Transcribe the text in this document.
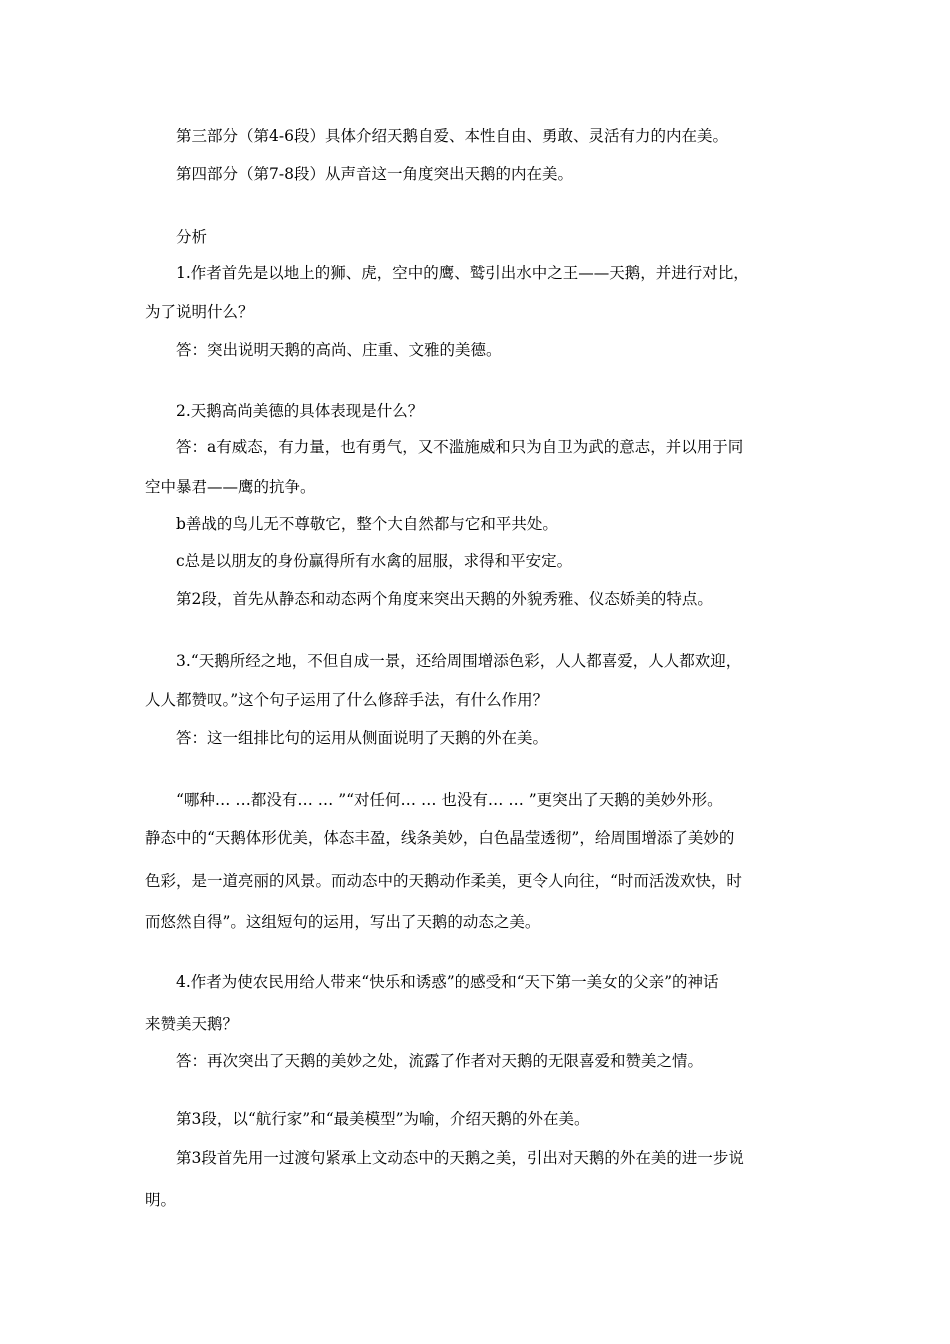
第三部分（第4-6段）具体介绍天鹅自爱、本性自由、勇敢、灵活有力的内在美。
第四部分（第7-8段）从声音这一角度突出天鹅的内在美。
分析
1.作者首先是以地上的狮、虎，空中的鹰、鹫引出水中之王——天鹅，并进行对比，
为了说明什么？
答：突出说明天鹅的高尚、庄重、文雅的美德。
2.天鹅高尚美德的具体表现是什么？
答：a有威态，有力量，也有勇气，又不滥施威和只为自卫为武的意志，并以用于同
空中暴君——鹰的抗争。
b善战的鸟儿无不尊敬它，整个大自然都与它和平共处。
c总是以朋友的身份赢得所有水禽的屈服，求得和平安定。
第2段，首先从静态和动态两个角度来突出天鹅的外貌秀雅、仪态娇美的特点。
3.“天鹅所经之地，不但自成一景，还给周围增添色彩，人人都喜爱，人人都欢迎，
人人都赞叹。”这个句子运用了什么修辞手法，有什么作用？
答：这一组排比句的运用从侧面说明了天鹅的外在美。
“哪种… …都没有… … ”“对任何… … 也没有… … ”更突出了天鹅的美妙外形。
静态中的“天鹅体形优美，体态丰盈，线条美妙，白色晶莹透彻”，给周围增添了美妙的
色彩，是一道亮丽的风景。而动态中的天鹅动作柔美，更令人向往，“时而活泼欢快，时
而悠然自得”。这组短句的运用，写出了天鹅的动态之美。
4.作者为使农民用给人带来“快乐和诱惑”的感受和“天下第一美女的父亲”的神话
来赞美天鹅？
答：再次突出了天鹅的美妙之处，流露了作者对天鹅的无限喜爱和赞美之情。
第3段，以“航行家”和“最美模型”为喻，介绍天鹅的外在美。
第3段首先用一过渡句紧承上文动态中的天鹅之美，引出对天鹅的外在美的进一步说
明。
